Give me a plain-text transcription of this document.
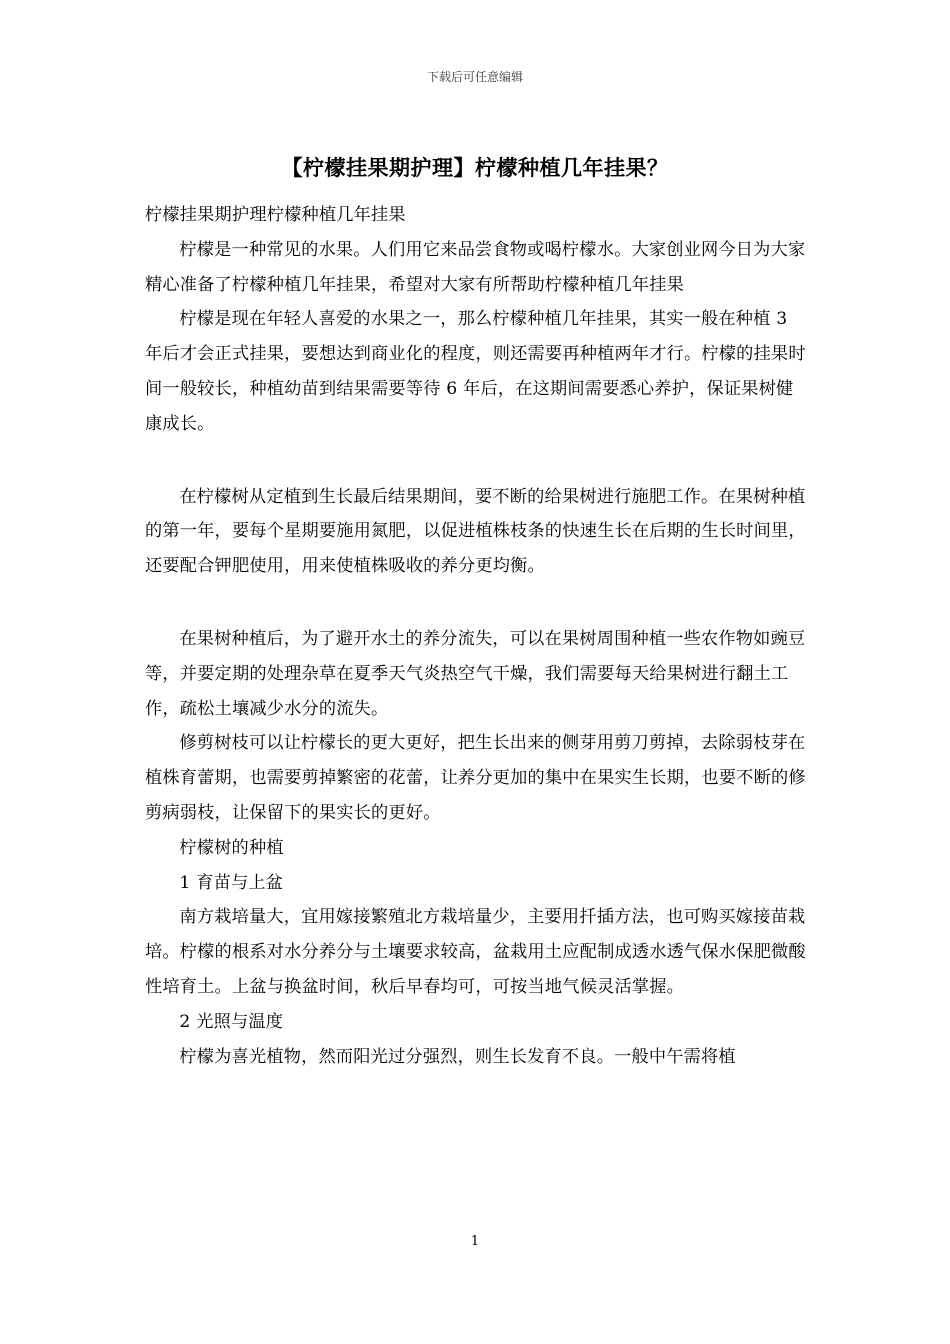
下载后可任意编辑
【柠檬挂果期护理】柠檬种植几年挂果？

柠檬挂果期护理柠檬种植几年挂果

柠檬是一种常见的水果。人们用它来品尝食物或喝柠檬水。大家创业网今日为大家精心准备了柠檬种植几年挂果，希望对大家有所帮助柠檬种植几年挂果

柠檬是现在年轻人喜爱的水果之一，那么柠檬种植几年挂果，其实一般在种植 3 年后才会正式挂果，要想达到商业化的程度，则还需要再种植两年才行。柠檬的挂果时间一般较长，种植幼苗到结果需要等待 6 年后，在这期间需要悉心养护，保证果树健康成长。

在柠檬树从定植到生长最后结果期间，要不断的给果树进行施肥工作。在果树种植的第一年，要每个星期要施用氮肥，以促进植株枝条的快速生长在后期的生长时间里，还要配合钾肥使用，用来使植株吸收的养分更均衡。

在果树种植后，为了避开水土的养分流失，可以在果树周围种植一些农作物如豌豆等，并要定期的处理杂草在夏季天气炎热空气干燥，我们需要每天给果树进行翻土工作，疏松土壤减少水分的流失。

修剪树枝可以让柠檬长的更大更好，把生长出来的侧芽用剪刀剪掉，去除弱枝芽在植株育蕾期，也需要剪掉繁密的花蕾，让养分更加的集中在果实生长期，也要不断的修剪病弱枝，让保留下的果实长的更好。

柠檬树的种植

1 育苗与上盆

南方栽培量大，宜用嫁接繁殖北方栽培量少，主要用扦插方法，也可购买嫁接苗栽培。柠檬的根系对水分养分与土壤要求较高，盆栽用土应配制成透水透气保水保肥微酸性培育土。上盆与换盆时间，秋后早春均可，可按当地气候灵活掌握。

2 光照与温度

柠檬为喜光植物，然而阳光过分强烈，则生长发育不良。一般中午需将植

1
